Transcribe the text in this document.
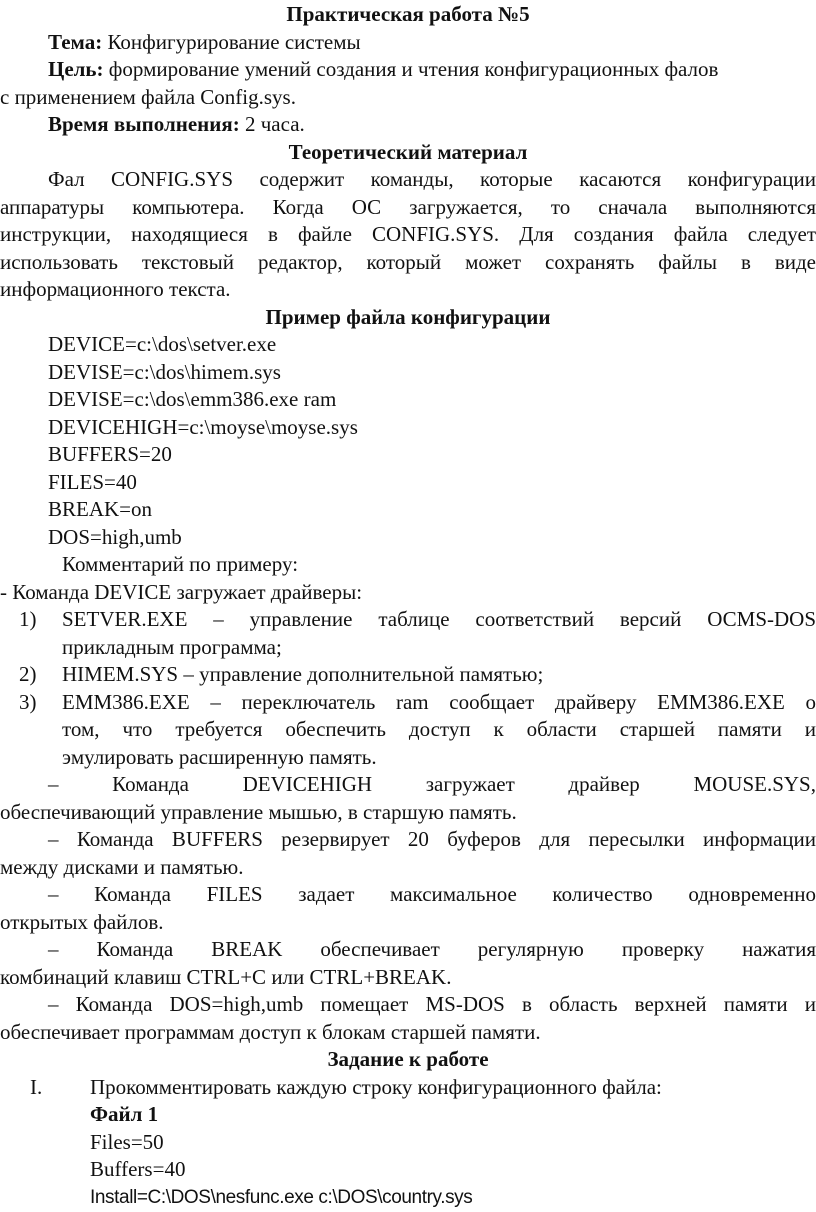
Практическая работа №5
Тема: Конфигурирование системы
Цель: формирование умений создания и чтения конфигурационных фалов
с применением файла Config.sys.
Время выполнения: 2 часа.
Теоретический материал
Фал CONFIG.SYS содержит команды, которые касаются конфигурации
аппаратуры компьютера. Когда ОС загружается, то сначала выполняются
инструкции, находящиеся в файле CONFIG.SYS. Для создания файла следует
использовать текстовый редактор, который может сохранять файлы в виде
информационного текста.
Пример файла конфигурации
DEVICE=c:\dos\setver.exe
DEVISE=c:\dos\himem.sys
DEVISE=c:\dos\emm386.exe ram
DEVICEHIGH=c:\moyse\moyse.sys
BUFFERS=20
FILES=40
BREAK=on
DOS=high,umb
Комментарий по примеру:
- Команда DEVICE загружает драйверы:
1) SETVER.EXE – управление таблице соответствий версий ОСМS-DOS
прикладным программа;
2) HIMEM.SYS – управление дополнительной памятью;
3) EMM386.EXE – переключатель ram сообщает драйверу EMM386.EXE о
том, что требуется обеспечить доступ к области старшей памяти и
эмулировать расширенную память.
– Команда DEVICEHIGH загружает драйвер MOUSE.SYS,
обеспечивающий управление мышью, в старшую память.
– Команда BUFFERS резервирует 20 буферов для пересылки информации
между дисками и памятью.
– Команда FILES задает максимальное количество одновременно
открытых файлов.
– Команда BREAK обеспечивает регулярную проверку нажатия
комбинаций клавиш CTRL+C или CTRL+BREAK.
– Команда DOS=high,umb помещает MS-DOS в область верхней памяти и
обеспечивает программам доступ к блокам старшей памяти.
Задание к работе
I. Прокомментировать каждую строку конфигурационного файла:
Файл 1
Files=50
Buffers=40
Install=C:\DOS\nesfunc.exe c:\DOS\country.sys
